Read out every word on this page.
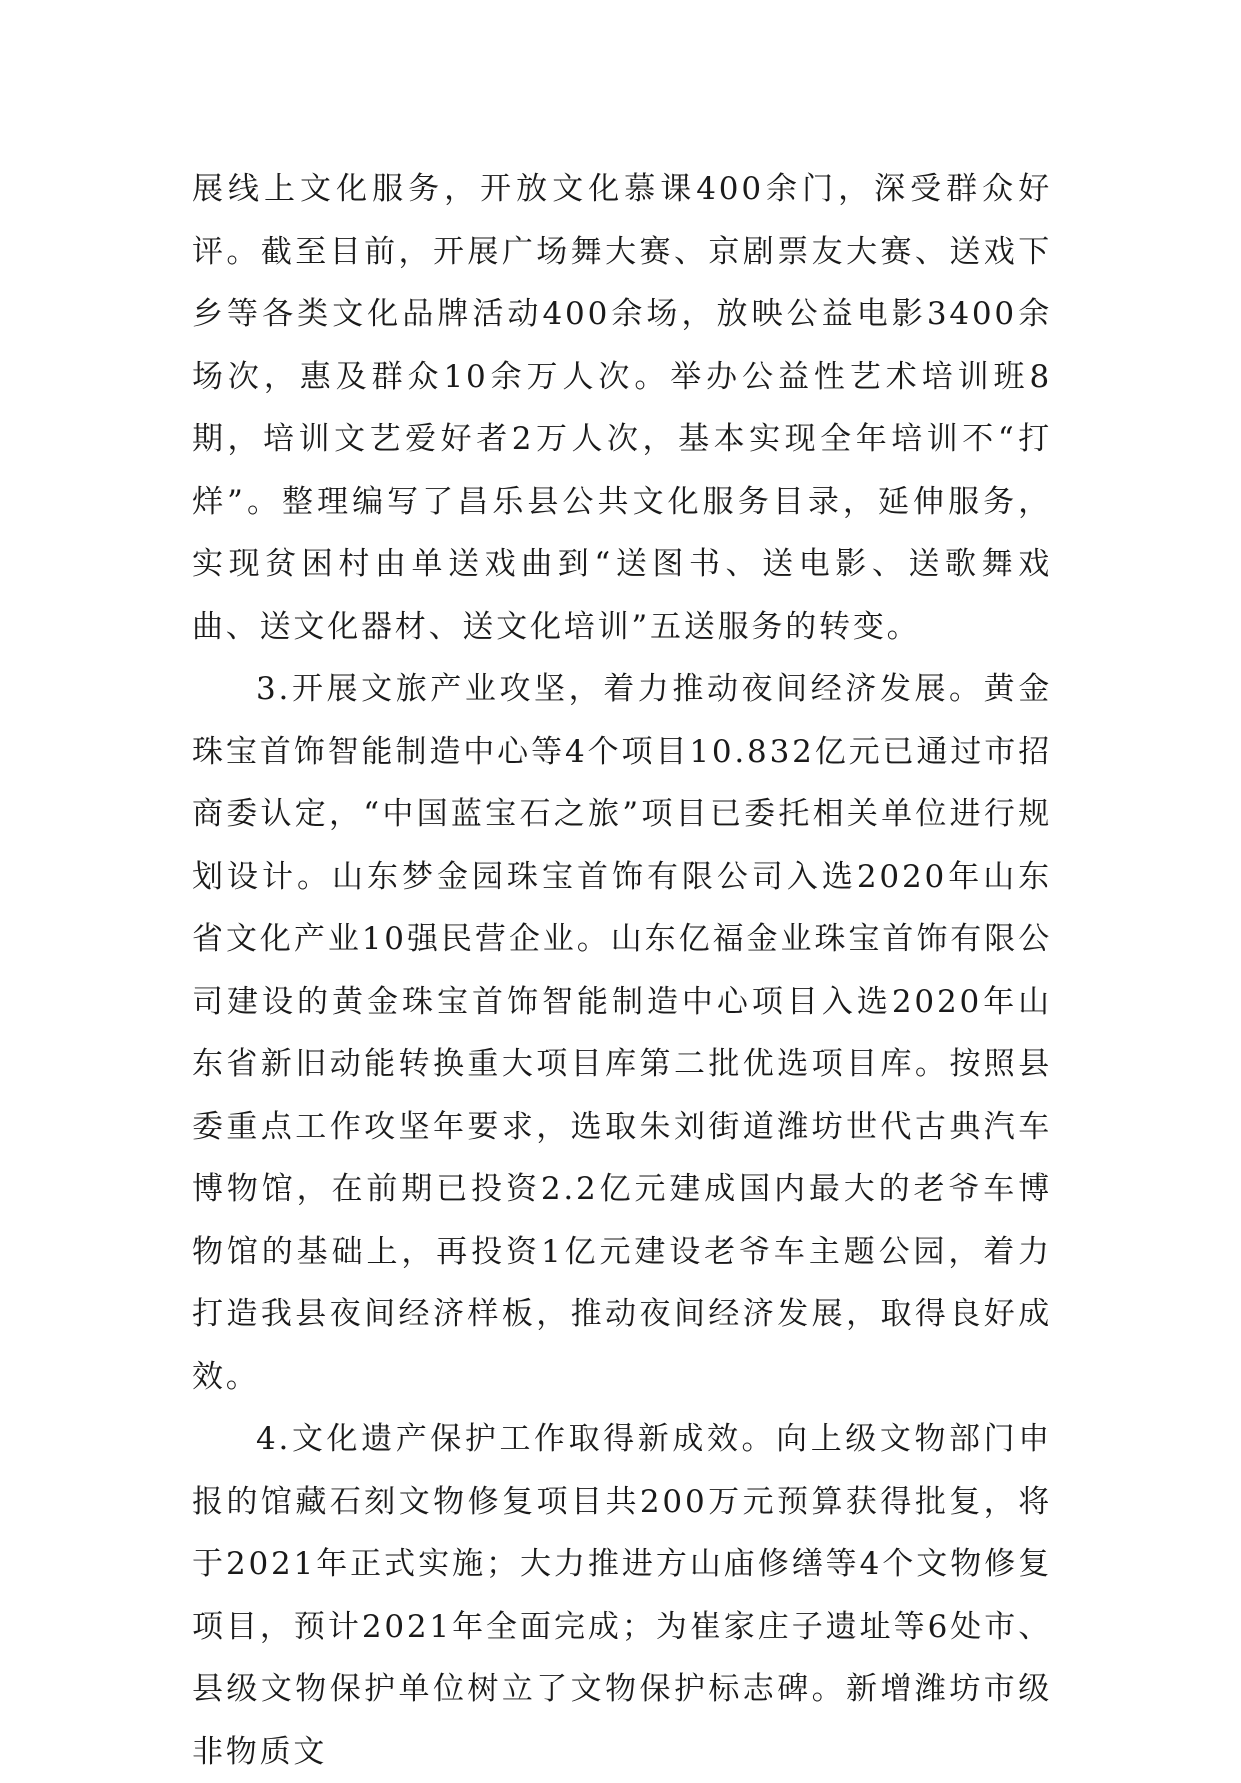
展线上文化服务，开放文化慕课400余门，深受群众好评。截至目前，开展广场舞大赛、京剧票友大赛、送戏下乡等各类文化品牌活动400余场，放映公益电影3400余场次，惠及群众10余万人次。举办公益性艺术培训班8期，培训文艺爱好者2万人次，基本实现全年培训不“打烊”。整理编写了昌乐县公共文化服务目录，延伸服务，实现贫困村由单送戏曲到“送图书、送电影、送歌舞戏曲、送文化器材、送文化培训”五送服务的转变。

3.开展文旅产业攻坚，着力推动夜间经济发展。黄金珠宝首饰智能制造中心等4个项目10.832亿元已通过市招商委认定，“中国蓝宝石之旅”项目已委托相关单位进行规划设计。山东梦金园珠宝首饰有限公司入选2020年山东省文化产业10强民营企业。山东亿福金业珠宝首饰有限公司建设的黄金珠宝首饰智能制造中心项目入选2020年山东省新旧动能转换重大项目库第二批优选项目库。按照县委重点工作攻坚年要求，选取朱刘街道潍坊世代古典汽车博物馆，在前期已投资2.2亿元建成国内最大的老爷车博物馆的基础上，再投资1亿元建设老爷车主题公园，着力打造我县夜间经济样板，推动夜间经济发展，取得良好成效。

4.文化遗产保护工作取得新成效。向上级文物部门申报的馆藏石刻文物修复项目共200万元预算获得批复，将于2021年正式实施；大力推进方山庙修缮等4个文物修复项目，预计2021年全面完成；为崔家庄子遗址等6处市、县级文物保护单位树立了文物保护标志碑。新增潍坊市级非物质文
